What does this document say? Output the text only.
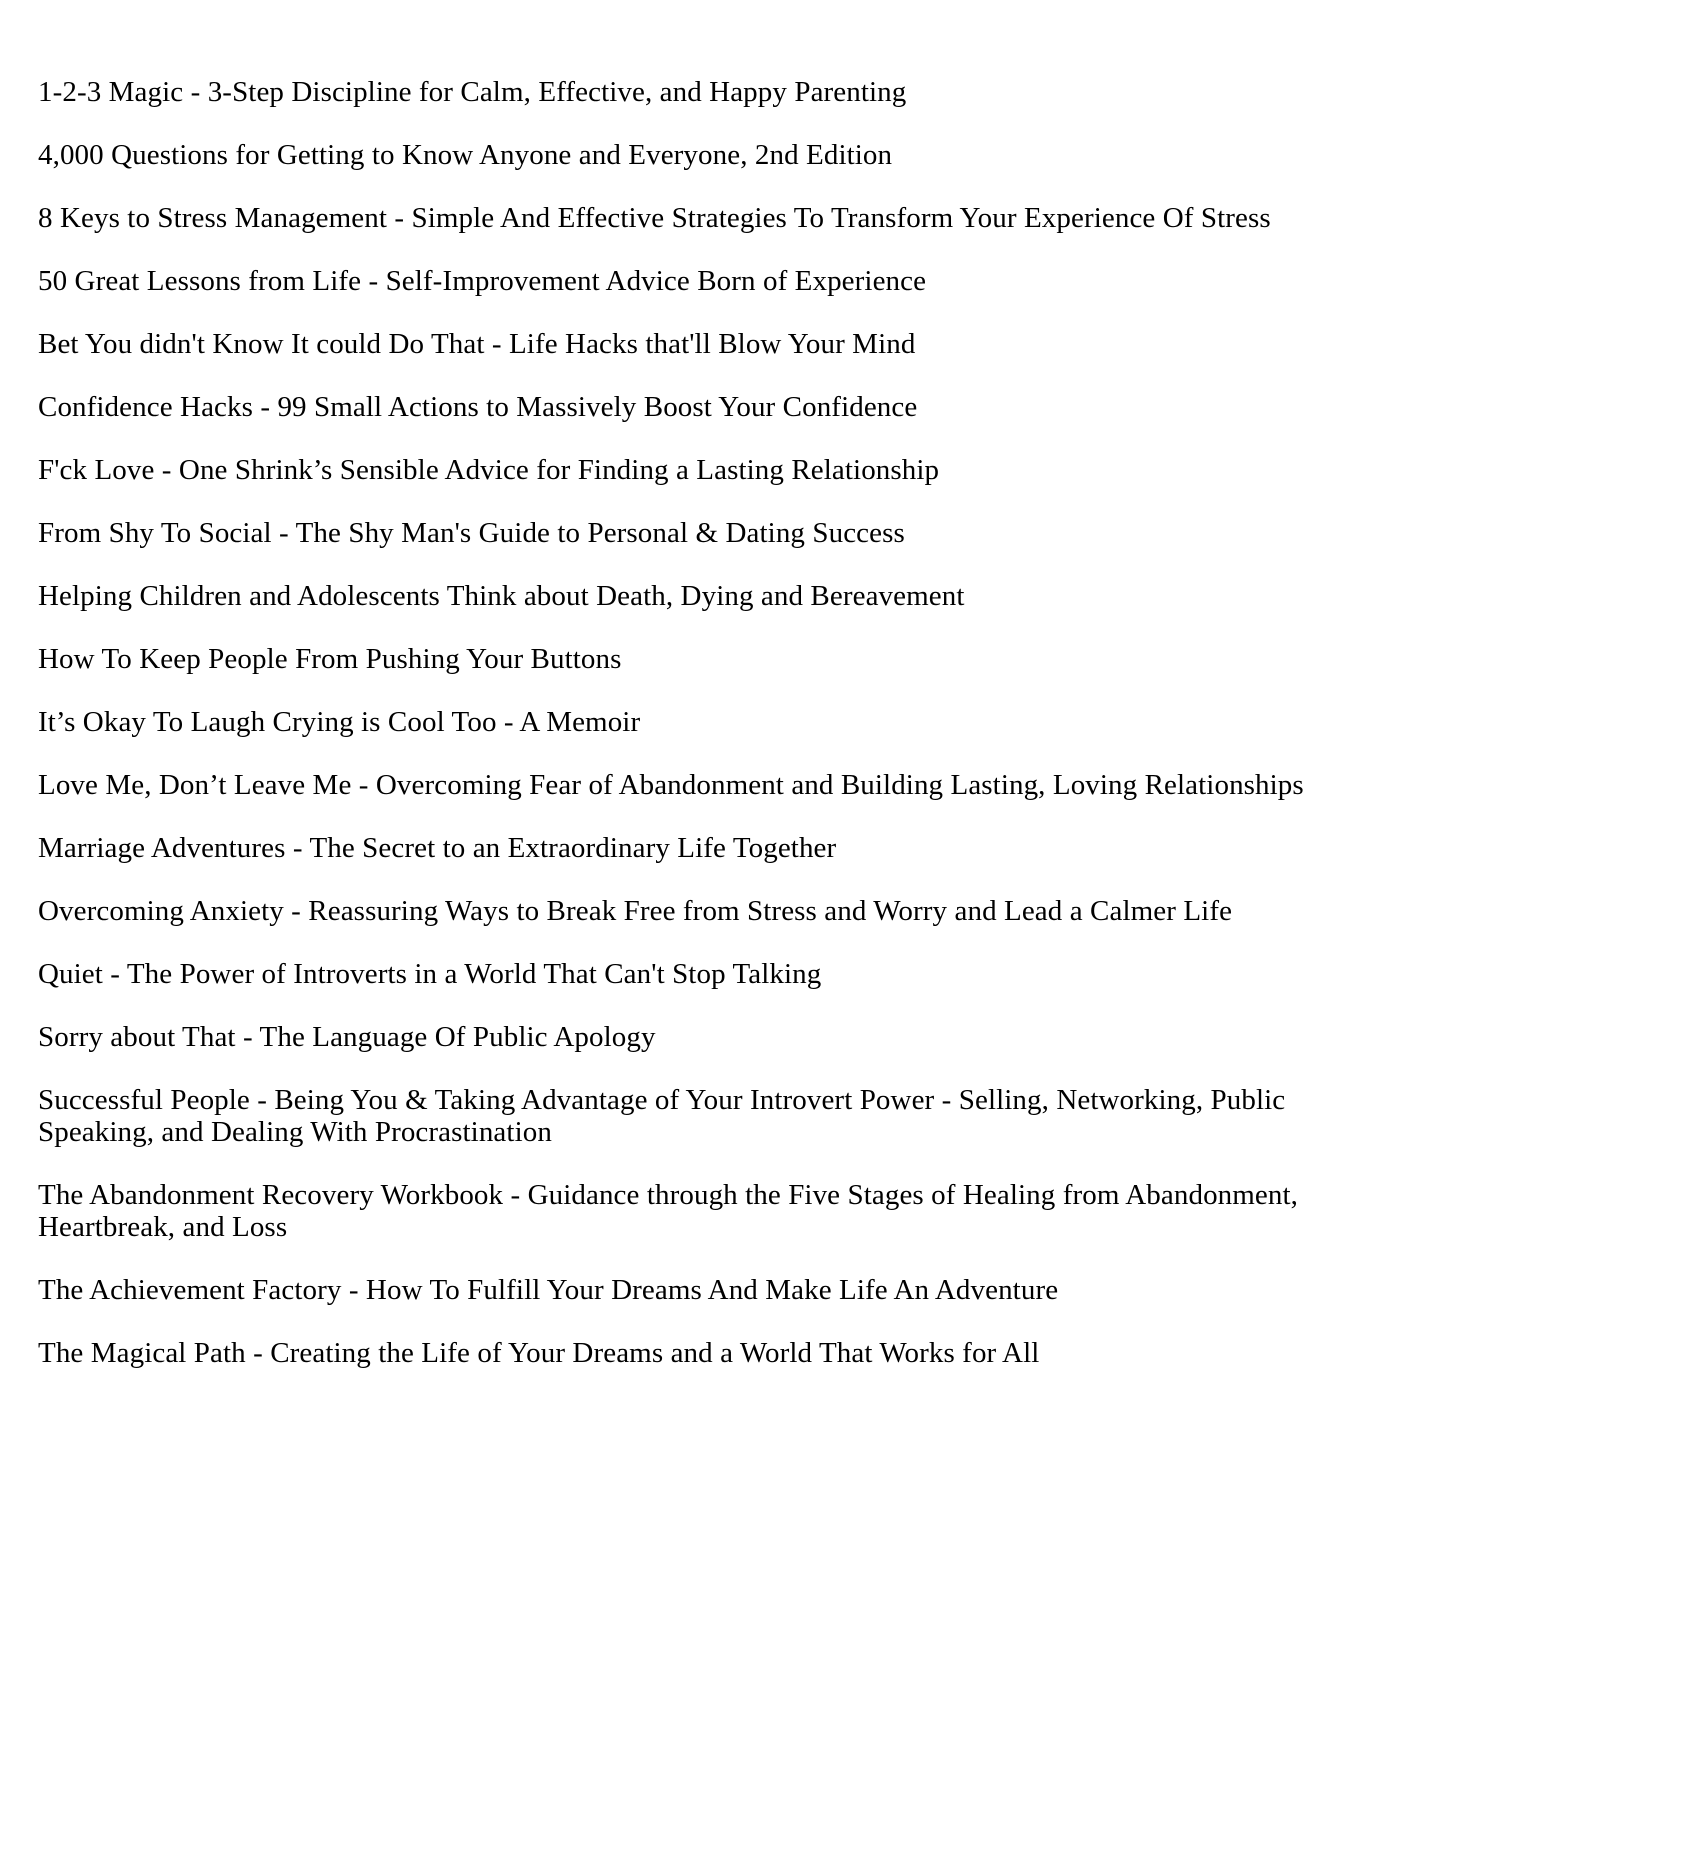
1-2-3 Magic - 3-Step Discipline for Calm, Effective, and Happy Parenting

4,000 Questions for Getting to Know Anyone and Everyone, 2nd Edition

8 Keys to Stress Management - Simple And Effective Strategies To Transform Your Experience Of Stress

50 Great Lessons from Life - Self-Improvement Advice Born of Experience

Bet You didn't Know It could Do That - Life Hacks that'll Blow Your Mind

Confidence Hacks - 99 Small Actions to Massively Boost Your Confidence

F'ck Love - One Shrink’s Sensible Advice for Finding a Lasting Relationship

From Shy To Social - The Shy Man's Guide to Personal & Dating Success

Helping Children and Adolescents Think about Death, Dying and Bereavement

How To Keep People From Pushing Your Buttons

It’s Okay To Laugh Crying is Cool Too - A Memoir

Love Me, Don’t Leave Me - Overcoming Fear of Abandonment and Building Lasting, Loving Relationships

Marriage Adventures - The Secret to an Extraordinary Life Together

Overcoming Anxiety - Reassuring Ways to Break Free from Stress and Worry and Lead a Calmer Life

Quiet - The Power of Introverts in a World That Can't Stop Talking

Sorry about That - The Language Of Public Apology

Successful People - Being You & Taking Advantage of Your Introvert Power - Selling, Networking, Public Speaking, and Dealing With Procrastination

The Abandonment Recovery Workbook - Guidance through the Five Stages of Healing from Abandonment, Heartbreak, and Loss

The Achievement Factory - How To Fulfill Your Dreams And Make Life An Adventure

The Magical Path - Creating the Life of Your Dreams and a World That Works for All
